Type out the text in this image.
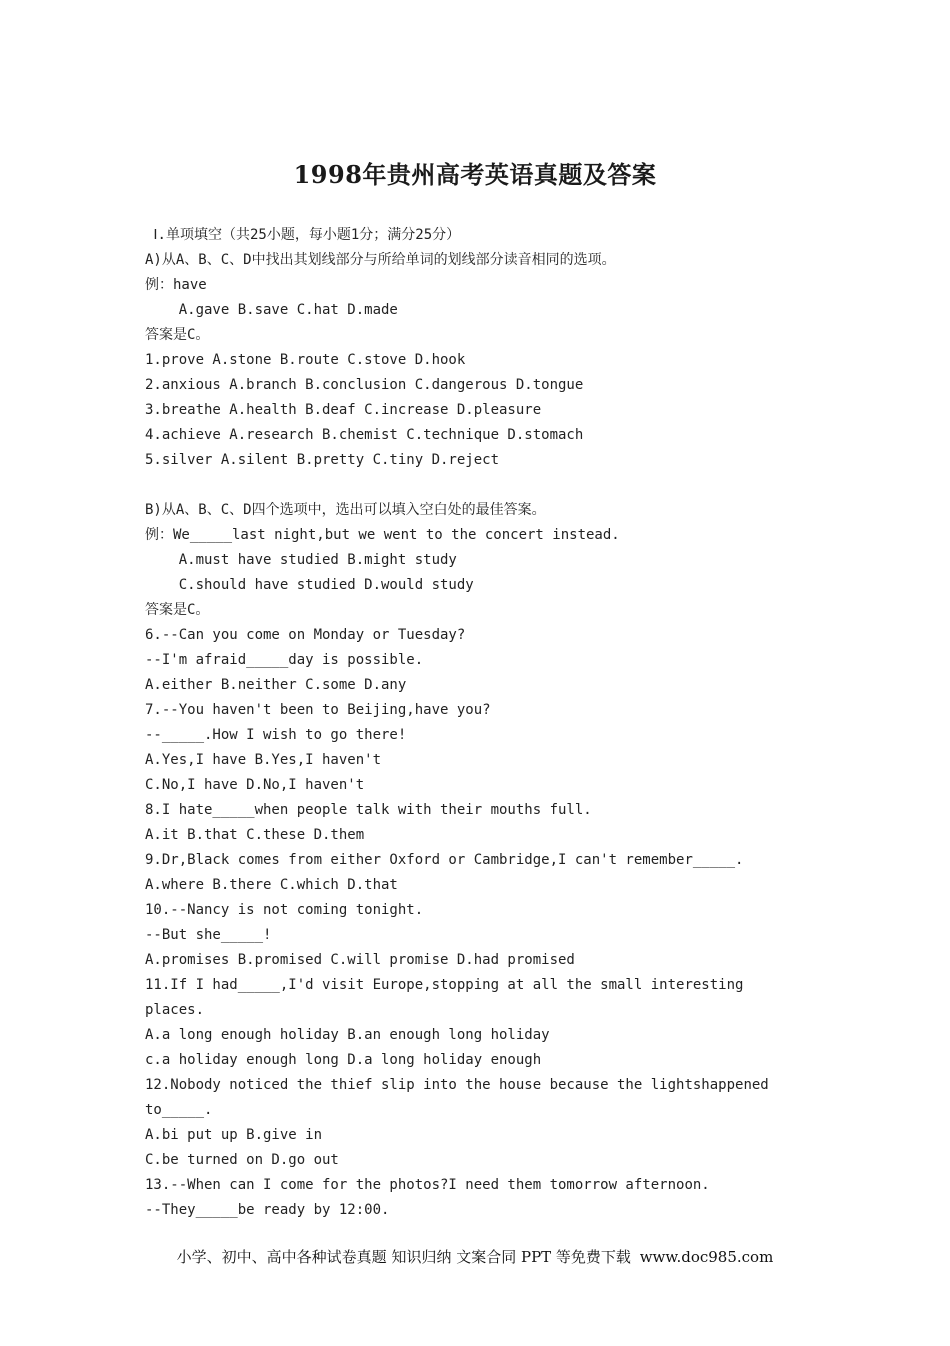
1998年贵州高考英语真题及答案
Ⅰ.单项填空（共25小题，每小题1分；满分25分）
A)从A、B、C、D中找出其划线部分与所给单词的划线部分读音相同的选项。
例：have
A.gave B.save C.hat D.made
答案是C。
1.prove A.stone B.route C.stove D.hook
2.anxious A.branch B.conclusion C.dangerous D.tongue
3.breathe A.health B.deaf C.increase D.pleasure
4.achieve A.research B.chemist C.technique D.stomach
5.silver A.silent B.pretty C.tiny D.reject
B)从A、B、C、D四个选项中，选出可以填入空白处的最佳答案。
例：We_____last night,but we went to the concert instead.
A.must have studied B.might study
C.should have studied D.would study
答案是C。
6.--Can you come on Monday or Tuesday?
--I'm afraid_____day is possible.
A.either B.neither C.some D.any
7.--You haven't been to Beijing,have you?
--_____.How I wish to go there!
A.Yes,I have B.Yes,I haven't
C.No,I have D.No,I haven't
8.I hate_____when people talk with their mouths full.
A.it B.that C.these D.them
9.Dr,Black comes from either Oxford or Cambridge,I can't remember_____.
A.where B.there C.which D.that
10.--Nancy is not coming tonight.
--But she_____!
A.promises B.promised C.will promise D.had promised
11.If I had_____,I'd visit Europe,stopping at all the small interesting
places.
A.a long enough holiday B.an enough long holiday
c.a holiday enough long D.a long holiday enough
12.Nobody noticed the thief slip into the house because the lightshappened
to_____.
A.bi put up B.give in
C.be turned on D.go out
13.--When can I come for the photos?I need them tomorrow afternoon.
--They_____be ready by 12:00.
小学、初中、高中各种试卷真题 知识归纳 文案合同 PPT 等免费下载 www.doc985.com
